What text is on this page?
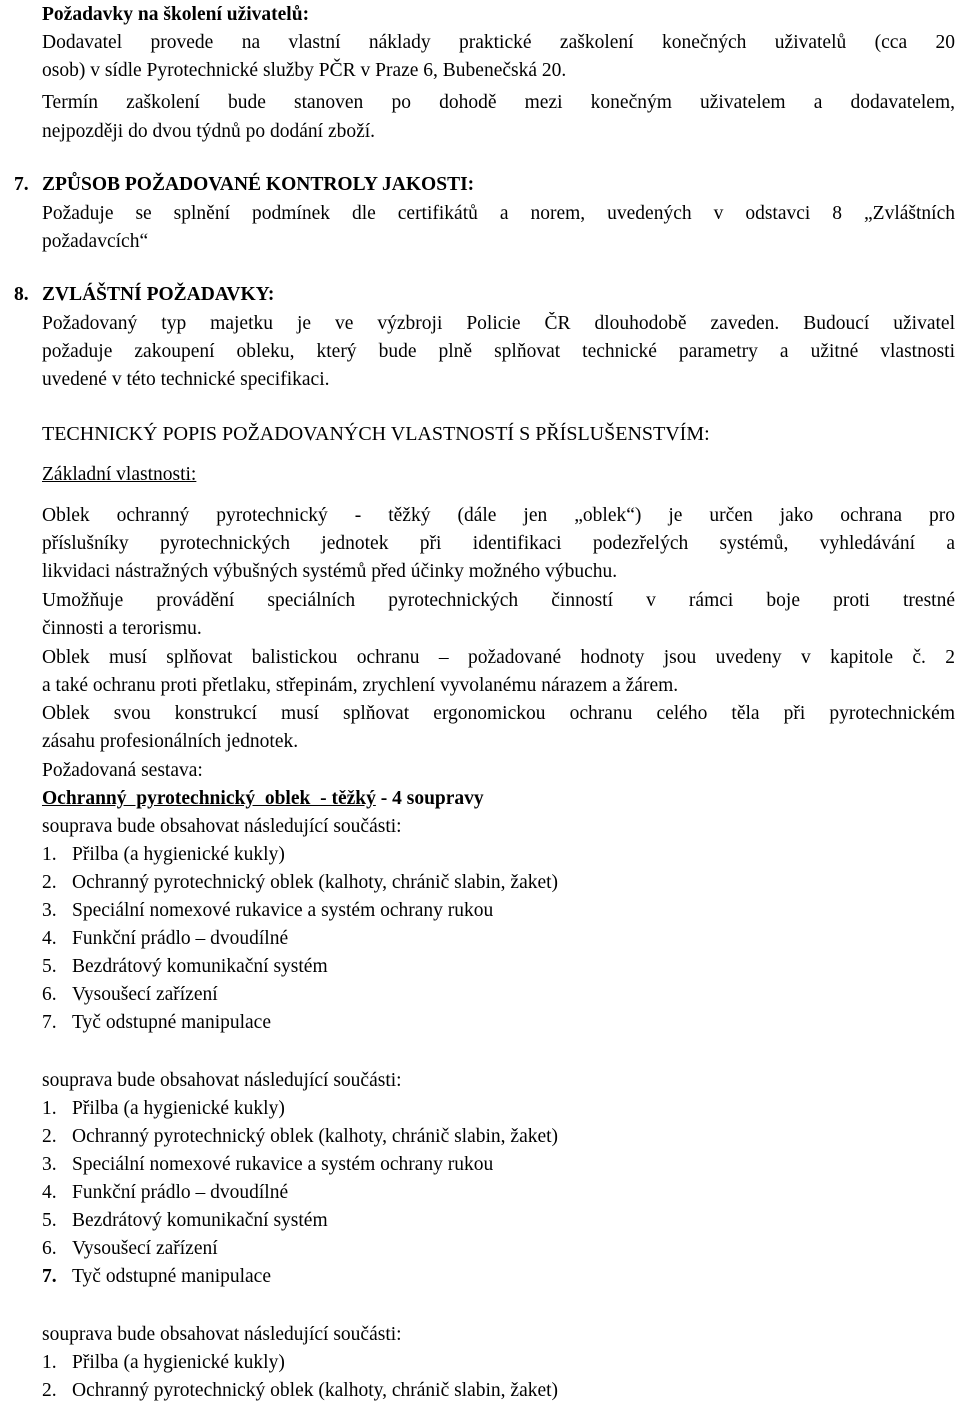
Požadavky na školení uživatelů:
Dodavatel provede na vlastní náklady praktické zaškolení konečných uživatelů (cca 20
osob) v sídle Pyrotechnické služby PČR v Praze 6, Bubenečská 20.
Termín zaškolení bude stanoven po dohodě mezi konečným uživatelem a dodavatelem,
nejpozději do dvou týdnů po dodání zboží.
7. ZPŮSOB POŽADOVANÉ KONTROLY JAKOSTI:
Požaduje se splnění podmínek dle certifikátů a norem, uvedených v odstavci 8 „Zvláštních
požadavcích“
8. ZVLÁŠTNÍ POŽADAVKY:
Požadovaný typ majetku je ve výzbroji Policie ČR dlouhodobě zaveden. Budoucí uživatel
požaduje zakoupení obleku, který bude plně splňovat technické parametry a užitné vlastnosti
uvedené v této technické specifikaci.
TECHNICKÝ POPIS POŽADOVANÝCH VLASTNOSTÍ S PŘÍSLUŠENSTVÍM:
Základní vlastnosti:
Oblek ochranný pyrotechnický - těžký (dále jen „oblek“) je určen jako ochrana pro
příslušníky pyrotechnických jednotek při identifikaci podezřelých systémů, vyhledávání a
likvidaci nástražných výbušných systémů před účinky možného výbuchu.
Umožňuje provádění speciálních pyrotechnických činností v rámci boje proti trestné
činnosti a terorismu.
Oblek musí splňovat balistickou ochranu – požadované hodnoty jsou uvedeny v kapitole č. 2
a také ochranu proti přetlaku, střepinám, zrychlení vyvolanému nárazem a žárem.
Oblek svou konstrukcí musí splňovat ergonomickou ochranu celého těla při pyrotechnickém
zásahu profesionálních jednotek.
Požadovaná sestava:
Ochranný  pyrotechnický  oblek  - těžký - 4 soupravy
souprava bude obsahovat následující součásti:
1. Přilba (a hygienické kukly)
2. Ochranný pyrotechnický oblek (kalhoty, chránič slabin, žaket)
3. Speciální nomexové rukavice a systém ochrany rukou
4. Funkční prádlo – dvoudílné
5. Bezdrátový komunikační systém
6. Vysoušecí zařízení
7. Tyč odstupné manipulace
souprava bude obsahovat následující součásti:
1. Přilba (a hygienické kukly)
2. Ochranný pyrotechnický oblek (kalhoty, chránič slabin, žaket)
3. Speciální nomexové rukavice a systém ochrany rukou
4. Funkční prádlo – dvoudílné
5. Bezdrátový komunikační systém
6. Vysoušecí zařízení
7. Tyč odstupné manipulace
souprava bude obsahovat následující součásti:
1. Přilba (a hygienické kukly)
2. Ochranný pyrotechnický oblek (kalhoty, chránič slabin, žaket)
